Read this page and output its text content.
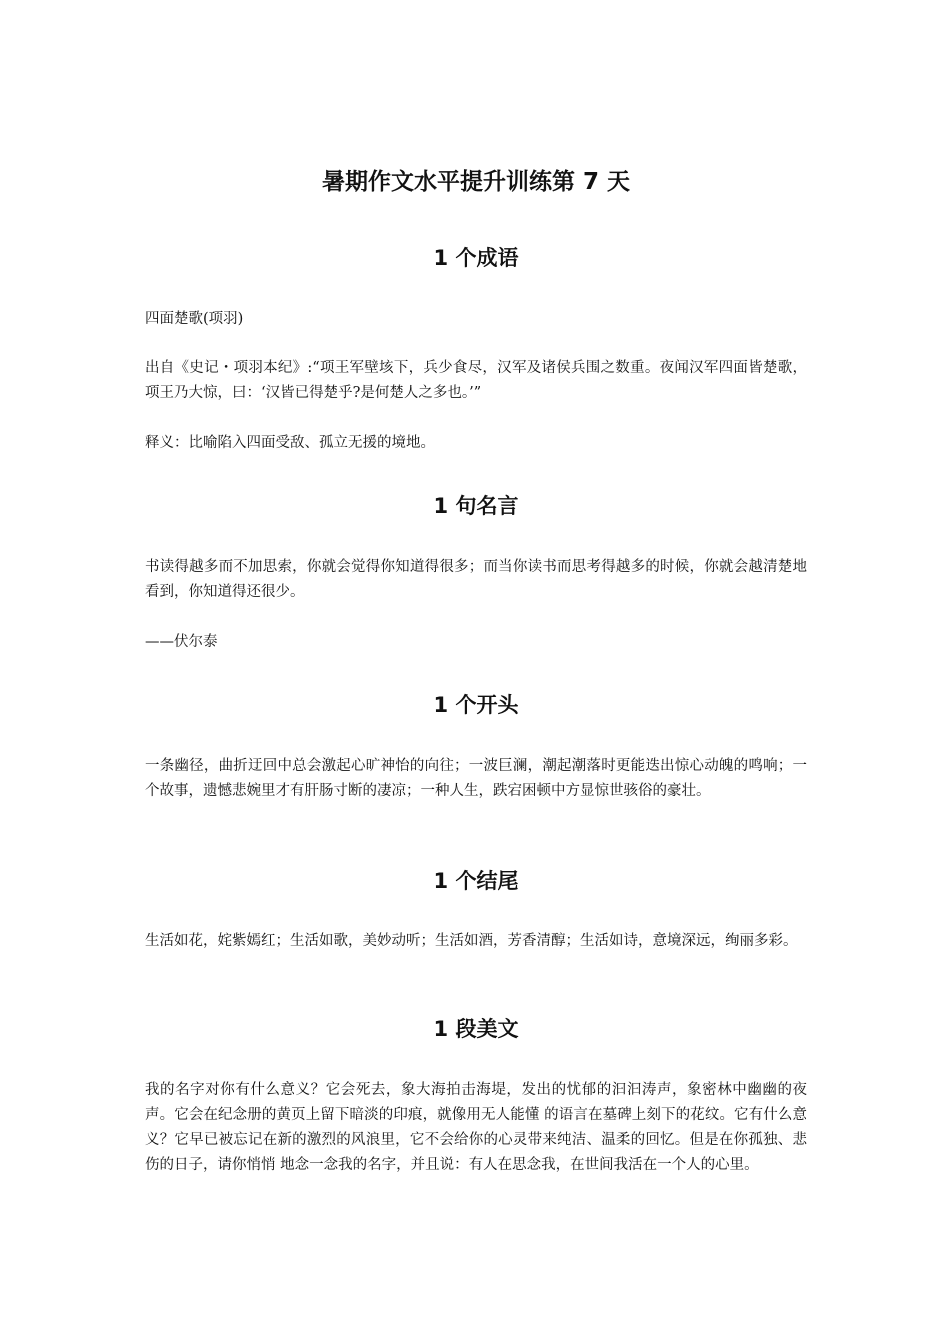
暑期作文水平提升训练第 7 天
1 个成语

四面楚歌(项羽)

出自《史记・项羽本纪》:“项王军壁垓下，兵少食尽，汉军及诸侯兵围之数重。夜闻汉军四面皆楚歌，项王乃大惊，曰：‘汉皆已得楚乎?是何楚人之多也。’”

释义：比喻陷入四面受敌、孤立无援的境地。

1 句名言

书读得越多而不加思索，你就会觉得你知道得很多；而当你读书而思考得越多的时候，你就会越清楚地看到，你知道得还很少。

——伏尔泰

1 个开头

一条幽径，曲折迂回中总会激起心旷神怡的向往；一波巨澜，潮起潮落时更能迭出惊心动魄的鸣响；一个故事，遗憾悲婉里才有肝肠寸断的凄凉；一种人生，跌宕困顿中方显惊世骇俗的豪壮。

1 个结尾

生活如花，姹紫嫣红；生活如歌，美妙动听；生活如酒，芳香清醇；生活如诗，意境深远，绚丽多彩。

1 段美文

我的名字对你有什么意义？它会死去，象大海拍击海堤，发出的忧郁的汩汩涛声，象密林中幽幽的夜声。它会在纪念册的黄页上留下暗淡的印痕，就像用无人能懂 的语言在墓碑上刻下的花纹。它有什么意义？它早已被忘记在新的激烈的风浪里，它不会给你的心灵带来纯洁、温柔的回忆。但是在你孤独、悲伤的日子，请你悄悄 地念一念我的名字，并且说：有人在思念我，在世间我活在一个人的心里。
